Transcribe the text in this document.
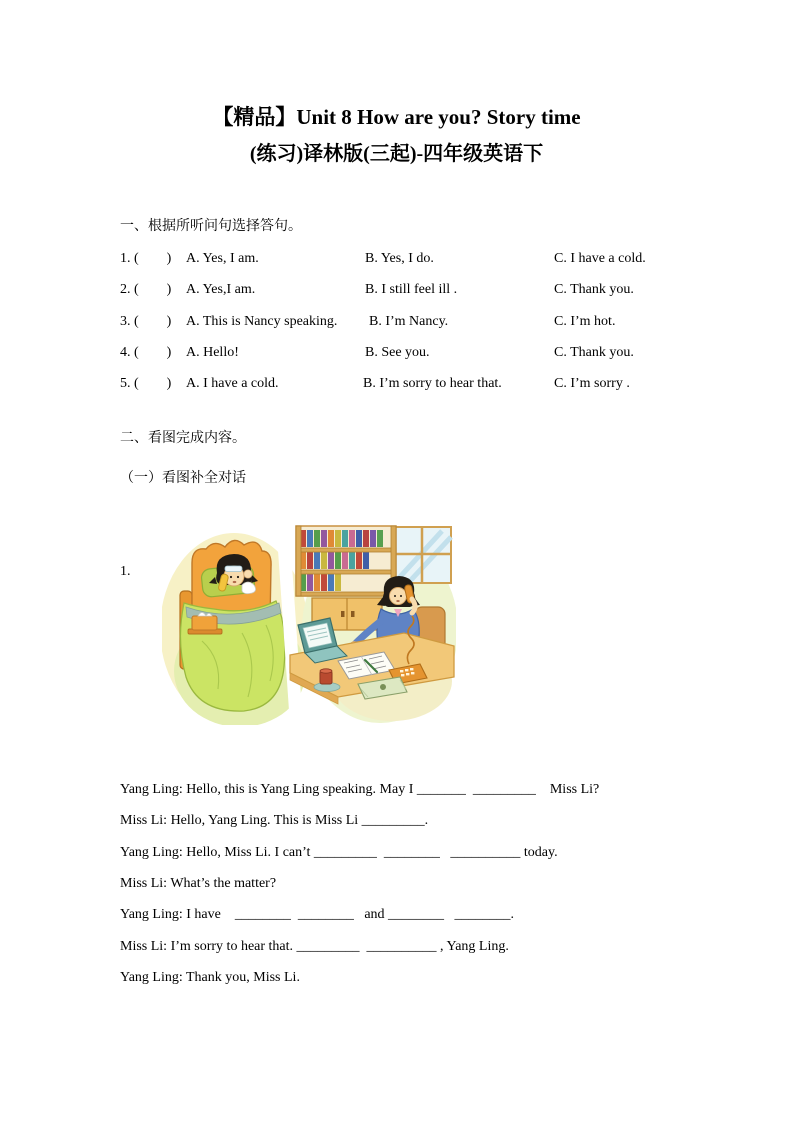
【精品】Unit 8 How are you? Story time
(练习)译林版(三起)-四年级英语下
一、根据所听问句选择答句。
1. (        ) A. Yes, I am.	B. Yes, I do.	C. I have a cold.
2. (        ) A. Yes,I am.	B. I still feel ill .	C. Thank you.
3. (        ) A. This is Nancy speaking. B. I’m Nancy.	C. I’m hot.
4. (        ) A. Hello!	B. See you.	C. Thank you.
5. (        ) A. I have a cold.	B. I’m sorry to hear that.	C. I’m sorry .
二、看图完成内容。
（一）看图补全对话
1.
Yang Ling: Hello, this is Yang Ling speaking. May I _______  _________    Miss Li?
Miss Li: Hello, Yang Ling. This is Miss Li _________.
Yang Ling: Hello, Miss Li. I can’t _________  ________   __________ today.
Miss Li: What’s the matter?
Yang Ling: I have    ________  ________   and ________   ________.
Miss Li: I’m sorry to hear that. _________  __________ , Yang Ling.
Yang Ling: Thank you, Miss Li.
